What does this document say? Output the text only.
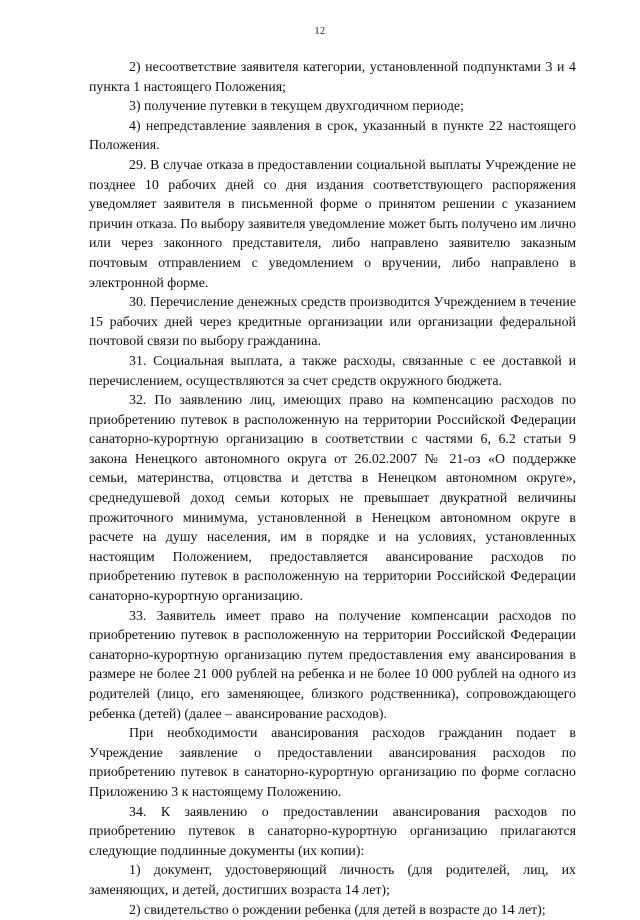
12

2) несоответствие заявителя категории, установленной подпунктами 3 и 4 пункта 1 настоящего Положения;

3) получение путевки в текущем двухгодичном периоде;

4) непредставление заявления в срок, указанный в пункте 22 настоящего Положения.

29. В случае отказа в предоставлении социальной выплаты Учреждение не позднее 10 рабочих дней со дня издания соответствующего распоряжения уведомляет заявителя в письменной форме о принятом решении с указанием причин отказа. По выбору заявителя уведомление может быть получено им лично или через законного представителя, либо направлено заявителю заказным почтовым отправлением с уведомлением о вручении, либо направлено в электронной форме.

30. Перечисление денежных средств производится Учреждением в течение 15 рабочих дней через кредитные организации или организации федеральной почтовой связи по выбору гражданина.

31. Социальная выплата, а также расходы, связанные с ее доставкой и перечислением, осуществляются за счет средств окружного бюджета.

32. По заявлению лиц, имеющих право на компенсацию расходов по приобретению путевок в расположенную на территории Российской Федерации санаторно-курортную организацию в соответствии с частями 6, 6.2 статьи 9 закона Ненецкого автономного округа от 26.02.2007 № 21-оз «О поддержке семьи, материнства, отцовства и детства в Ненецком автономном округе», среднедушевой доход семьи которых не превышает двукратной величины прожиточного минимума, установленной в Ненецком автономном округе в расчете на душу населения, им в порядке и на условиях, установленных настоящим Положением, предоставляется авансирование расходов по приобретению путевок в расположенную на территории Российской Федерации санаторно-курортную организацию.

33. Заявитель имеет право на получение компенсации расходов по приобретению путевок в расположенную на территории Российской Федерации санаторно-курортную организацию путем предоставления ему авансирования в размере не более 21 000 рублей на ребенка и не более 10 000 рублей на одного из родителей (лицо, его заменяющее, близкого родственника), сопровождающего ребенка (детей) (далее – авансирование расходов).

При необходимости авансирования расходов гражданин подает в Учреждение заявление о предоставлении авансирования расходов по приобретению путевок в санаторно-курортную организацию по форме согласно Приложению 3 к настоящему Положению.

34. К заявлению о предоставлении авансирования расходов по приобретению путевок в санаторно-курортную организацию прилагаются следующие подлинные документы (их копии):

1) документ, удостоверяющий личность (для родителей, лиц, их заменяющих, и детей, достигших возраста 14 лет);

2) свидетельство о рождении ребенка (для детей в возрасте до 14 лет);
